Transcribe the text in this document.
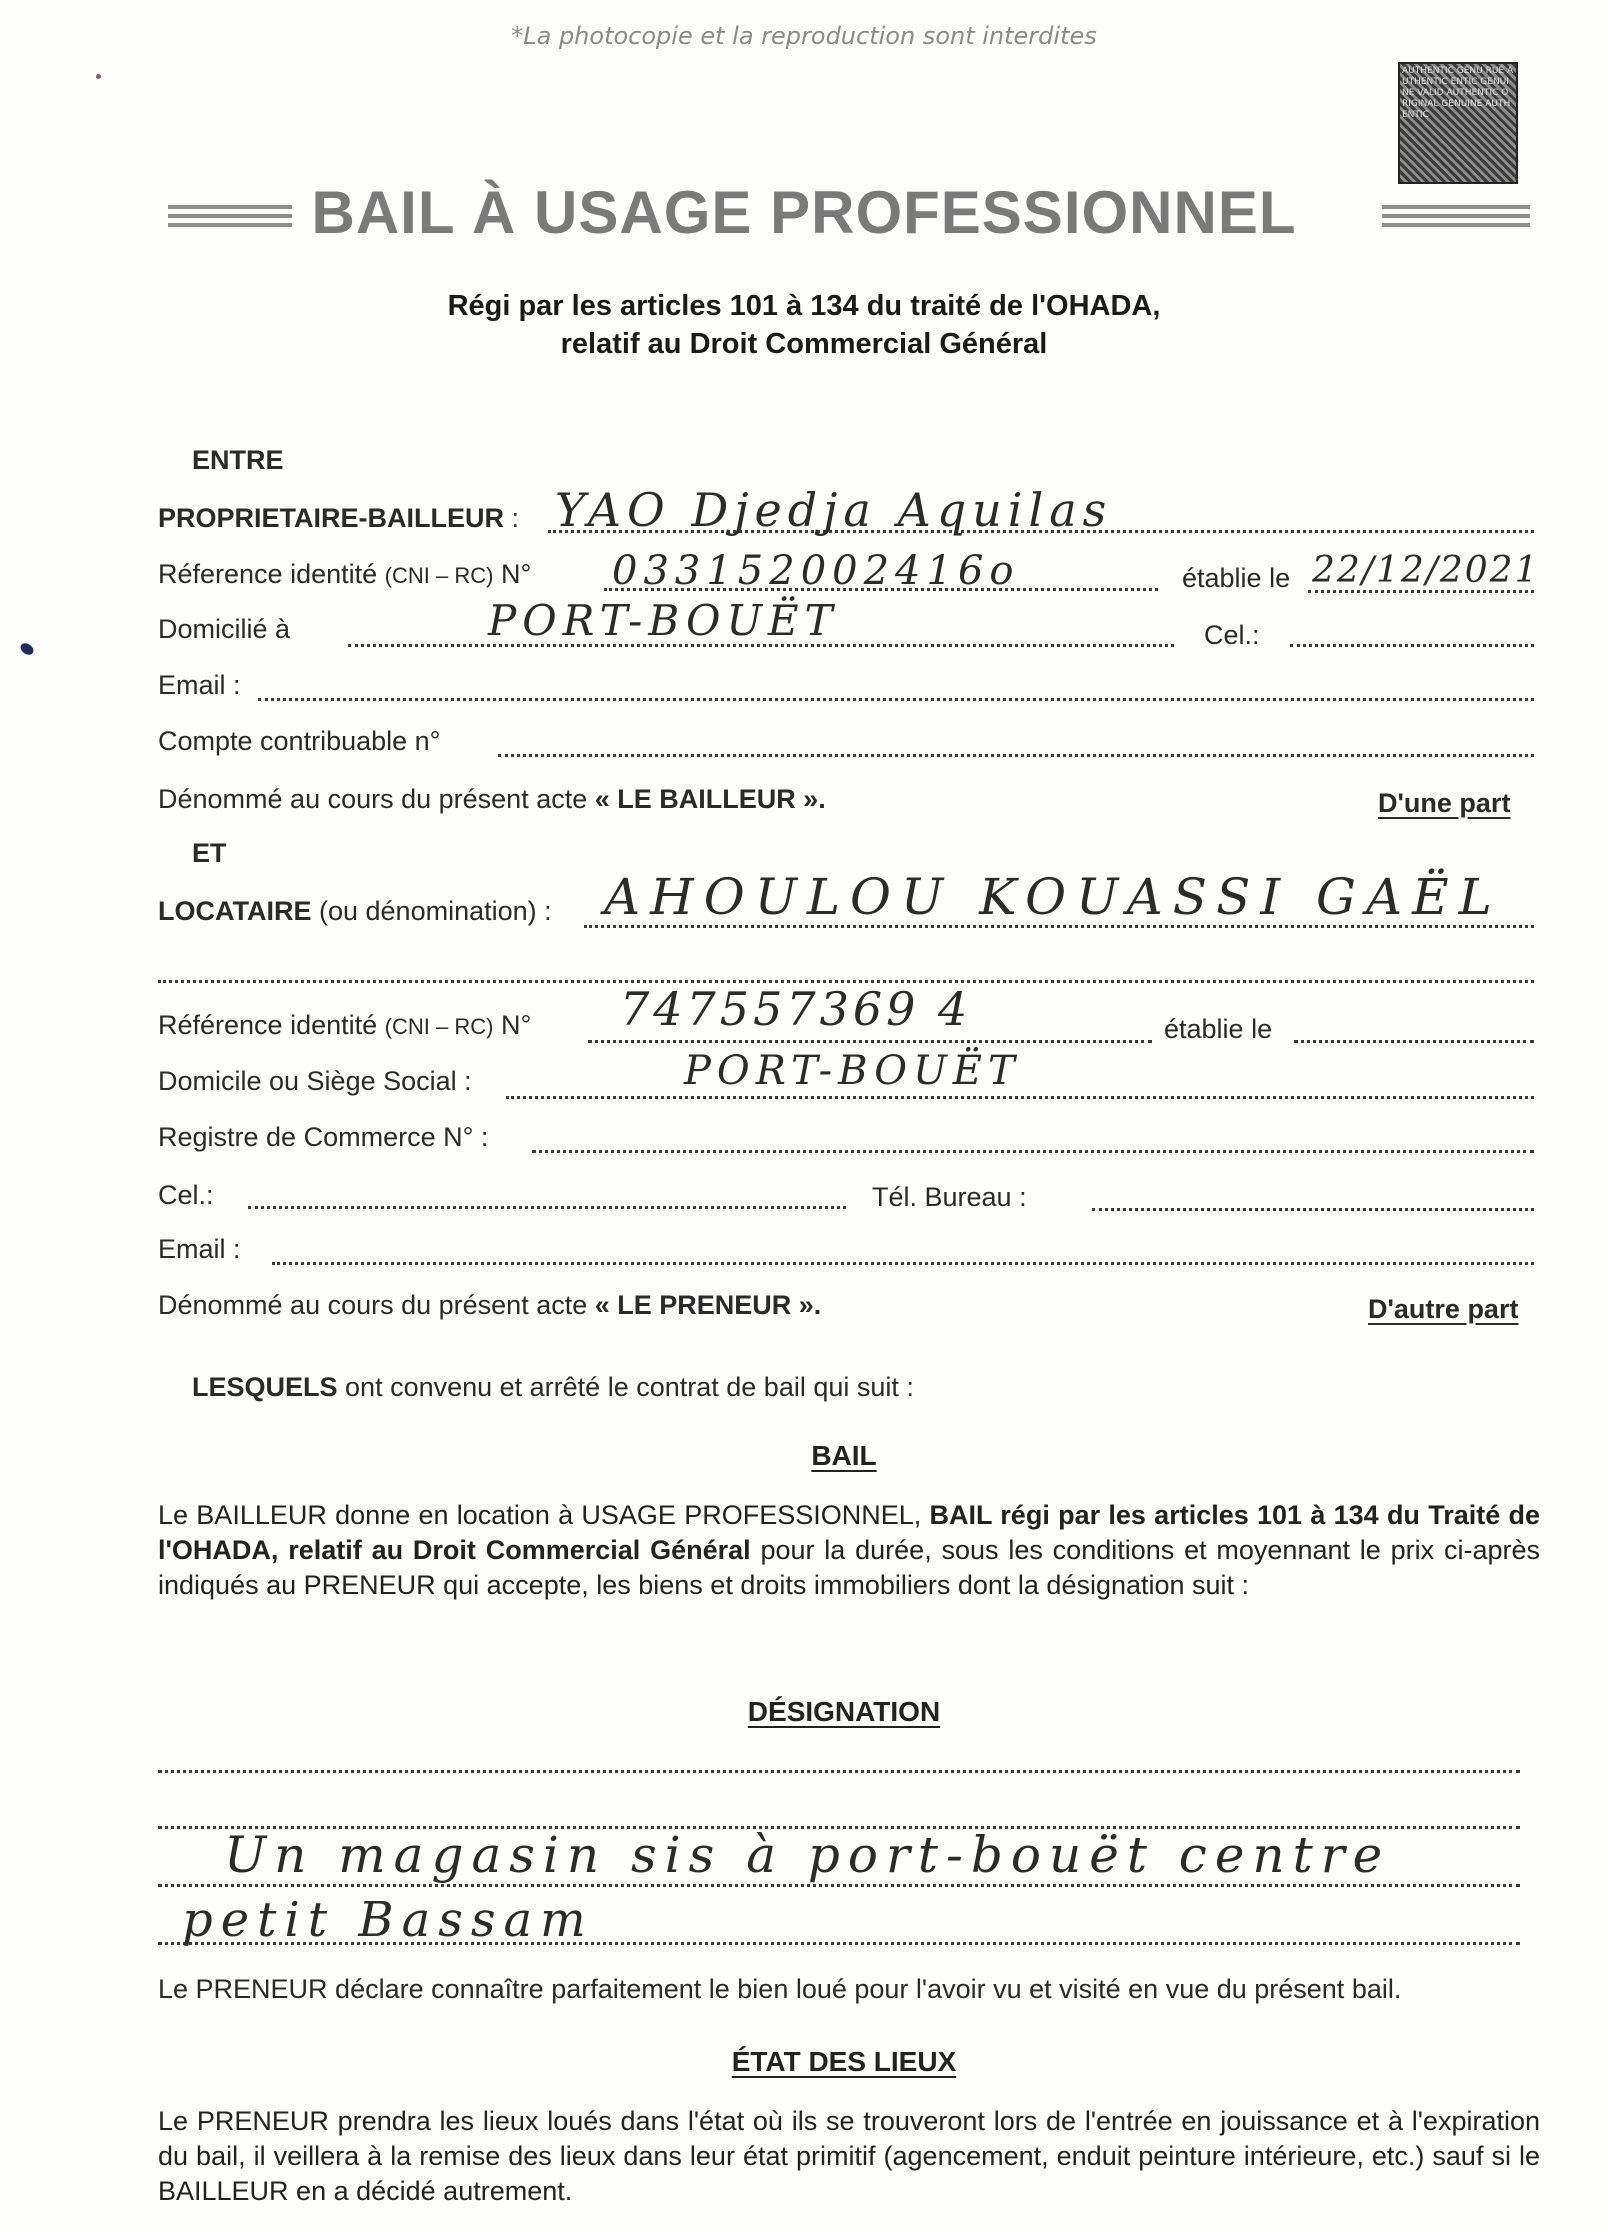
*La photocopie et la reproduction sont interdites
AUTHENTIC GENU RUE AUTHENTIC ENTIC GENUINE VALID AUTHENTIC ORIGINAL GENUINE AUTHENTIC
BAIL À USAGE PROFESSIONNEL
Régi par les articles 101 à 134 du traité de l'OHADA,
relatif au Droit Commercial Général
ENTRE
PROPRIETAIRE-BAILLEUR : YAO Djedja Aquilas
Réference identité (CNI – RC) N° 033152002416o	établie le 22/12/2021
Domicilié à	PORT-BOUËT	Cel.:
Email :
Compte contribuable n°
Dénommé au cours du présent acte « LE BAILLEUR ».	D'une part
ET
LOCATAIRE (ou dénomination) : AHOULOU KOUASSI GAËL
Référence identité (CNI – RC) N° 747557369 4	établie le
Domicile ou Siège Social :	PORT-BOUËT
Registre de Commerce N° :
Cel.:	Tél. Bureau :
Email :
Dénommé au cours du présent acte « LE PRENEUR ».	D'autre part
LESQUELS ont convenu et arrêté le contrat de bail qui suit :
BAIL
Le BAILLEUR donne en location à USAGE PROFESSIONNEL, BAIL régi par les articles 101 à 134 du Traité de l'OHADA, relatif au Droit Commercial Général pour la durée, sous les conditions et moyennant le prix ci-après indiqués au PRENEUR qui accepte, les biens et droits immobiliers dont la désignation suit :
DÉSIGNATION
Un magasin sis à port-bouët centre
petit Bassam
Le PRENEUR déclare connaître parfaitement le bien loué pour l'avoir vu et visité en vue du présent bail.
ÉTAT DES LIEUX
Le PRENEUR prendra les lieux loués dans l'état où ils se trouveront lors de l'entrée en jouissance et à l'expiration du bail, il veillera à la remise des lieux dans leur état primitif (agencement, enduit peinture intérieure, etc.) sauf si le BAILLEUR en a décidé autrement.
